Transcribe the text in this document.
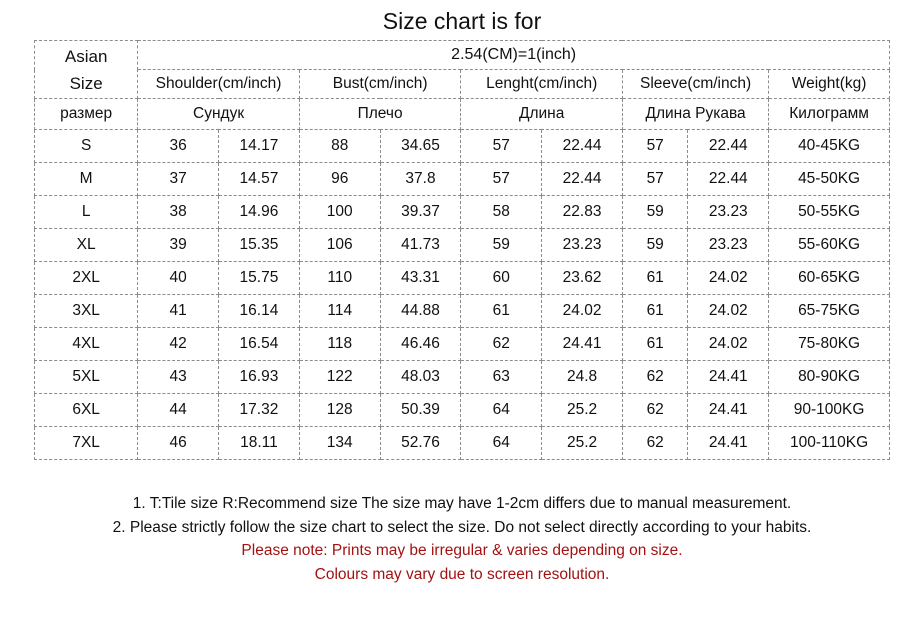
Size chart is for
Asian
Size	2.54(CM)=1(inch)								
	Shoulder(cm/inch)		Bust(cm/inch)		Lenght(cm/inch)		Sleeve(cm/inch)		Weight(kg)
размер	Сундук		Плечо		Длина		Длина Рукава		Килограмм
S	36	14.17	88	34.65	57	22.44	57	22.44	40-45KG
M	37	14.57	96	37.8	57	22.44	57	22.44	45-50KG
L	38	14.96	100	39.37	58	22.83	59	23.23	50-55KG
XL	39	15.35	106	41.73	59	23.23	59	23.23	55-60KG
2XL	40	15.75	110	43.31	60	23.62	61	24.02	60-65KG
3XL	41	16.14	114	44.88	61	24.02	61	24.02	65-75KG
4XL	42	16.54	118	46.46	62	24.41	61	24.02	75-80KG
5XL	43	16.93	122	48.03	63	24.8	62	24.41	80-90KG
6XL	44	17.32	128	50.39	64	25.2	62	24.41	90-100KG
7XL	46	18.11	134	52.76	64	25.2	62	24.41	100-110KG
1. T:Tile size R:Recommend size The size may have 1-2cm differs due to manual measurement.
2. Please strictly follow the size chart to select the size. Do not select directly according to your habits.
Please note: Prints may be irregular & varies depending on size.
Colours may vary due to screen resolution.
